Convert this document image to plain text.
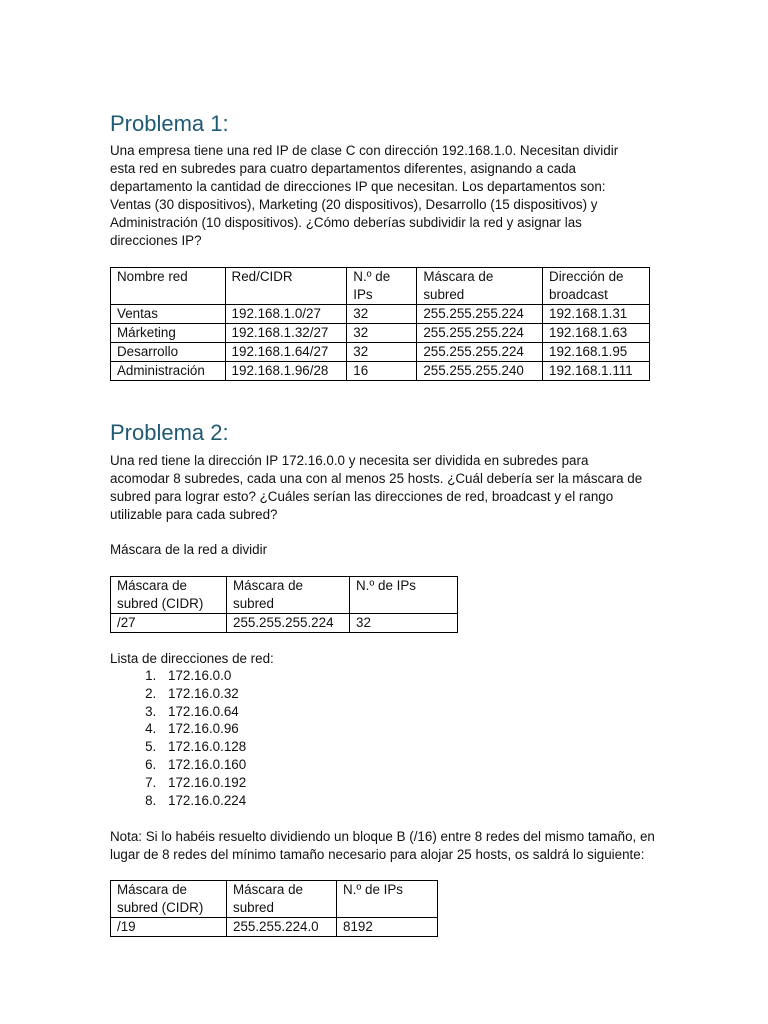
Problema 1:

Una empresa tiene una red IP de clase C con dirección 192.168.1.0. Necesitan dividir esta red en subredes para cuatro departamentos diferentes, asignando a cada departamento la cantidad de direcciones IP que necesitan. Los departamentos son: Ventas (30 dispositivos), Marketing (20 dispositivos), Desarrollo (15 dispositivos) y Administración (10 dispositivos). ¿Cómo deberías subdividir la red y asignar las direcciones IP?

Nombre red	Red/CIDR	N.º de IPs	Máscara de subred	Dirección de broadcast
Ventas	192.168.1.0/27	32	255.255.255.224	192.168.1.31
Márketing	192.168.1.32/27	32	255.255.255.224	192.168.1.63
Desarrollo	192.168.1.64/27	32	255.255.255.224	192.168.1.95
Administración	192.168.1.96/28	16	255.255.255.240	192.168.1.111
Problema 2:

Una red tiene la dirección IP 172.16.0.0 y necesita ser dividida en subredes para acomodar 8 subredes, cada una con al menos 25 hosts. ¿Cuál debería ser la máscara de subred para lograr esto? ¿Cuáles serían las direcciones de red, broadcast y el rango utilizable para cada subred?

Máscara de la red a dividir

Máscara de subred (CIDR)	Máscara de subred	N.º de IPs
/27	255.255.255.224	32

Lista de direcciones de red:

1. 172.16.0.0
2. 172.16.0.32
3. 172.16.0.64
4. 172.16.0.96
5. 172.16.0.128
6. 172.16.0.160
7. 172.16.0.192
8. 172.16.0.224

Nota: Si lo habéis resuelto dividiendo un bloque B (/16) entre 8 redes del mismo tamaño, en lugar de 8 redes del mínimo tamaño necesario para alojar 25 hosts, os saldrá lo siguiente:

Máscara de subred (CIDR)	Máscara de subred	N.º de IPs
/19	255.255.224.0	8192
